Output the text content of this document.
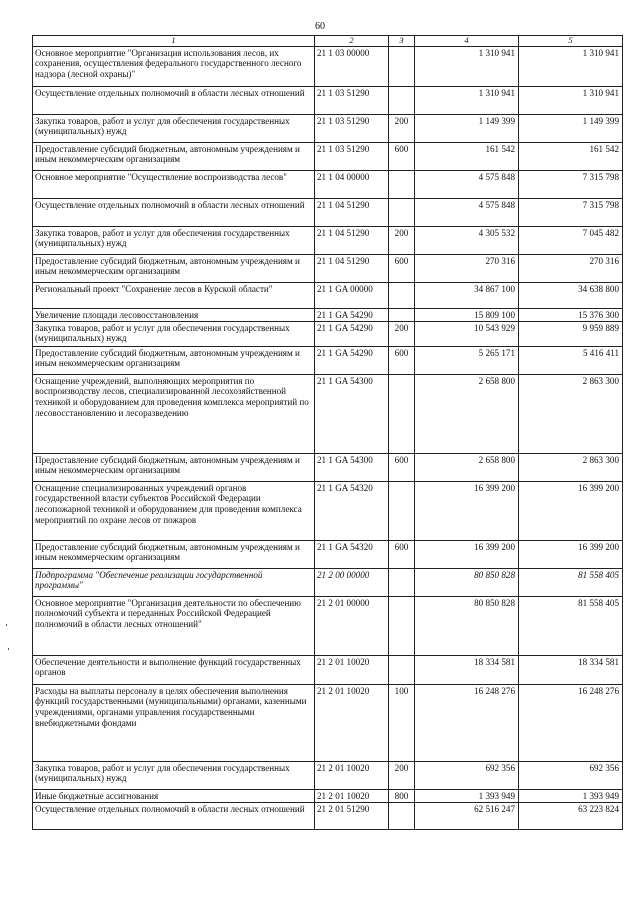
60
1	2	3	4	5
Основное мероприятие "Организация использования лесов, их сохранения, осуществления федерального государственного лесного надзора (лесной охраны)"	21 1 03 00000		1 310 941	1 310 941
Осуществление отдельных полномочий в области лесных отношений	21 1 03 51290		1 310 941	1 310 941
Закупка товаров, работ и услуг для обеспечения государственных (муниципальных) нужд	21 1 03 51290	200	1 149 399	1 149 399
Предоставление субсидий бюджетным, автономным учреждениям и иным некоммерческим организациям	21 1 03 51290	600	161 542	161 542
Основное мероприятие "Осуществление воспроизводства лесов"	21 1 04 00000		4 575 848	7 315 798
Осуществление отдельных полномочий в области лесных отношений	21 1 04 51290		4 575 848	7 315 798
Закупка товаров, работ и услуг для обеспечения государственных (муниципальных) нужд	21 1 04 51290	200	4 305 532	7 045 482
Предоставление субсидий бюджетным, автономным учреждениям и иным некоммерческим организациям	21 1 04 51290	600	270 316	270 316
Региональный проект "Сохранение лесов в Курской области"	21 1 GA 00000		34 867 100	34 638 800
Увеличение площади лесовосстановления	21 1 GA 54290		15 809 100	15 376 300
Закупка товаров, работ и услуг для обеспечения государственных (муниципальных) нужд	21 1 GA 54290	200	10 543 929	9 959 889
Предоставление субсидий бюджетным, автономным учреждениям и иным некоммерческим организациям	21 1 GA 54290	600	5 265 171	5 416 411
Оснащение учреждений, выполняющих мероприятия по воспроизводству лесов, специализированной лесохозяйственной техникой и оборудованием для проведения комплекса мероприятий по лесовосстановлению и лесоразведению	21 1 GA 54300		2 658 800	2 863 300
Предоставление субсидий бюджетным, автономным учреждениям и иным некоммерческим организациям	21 1 GA 54300	600	2 658 800	2 863 300
Оснащение специализированных учреждений органов государственной власти субъектов Российской Федерации лесопожарной техникой и оборудованием для проведения комплекса мероприятий по охране лесов от пожаров	21 1 GA 54320		16 399 200	16 399 200
Предоставление субсидий бюджетным, автономным учреждениям и иным некоммерческим организациям	21 1 GA 54320	600	16 399 200	16 399 200
Подпрограмма "Обеспечение реализации государственной программы"	21 2 00 00000		80 850 828	81 558 405
Основное мероприятие "Организация деятельности по обеспечению полномочий субъекта и переданных Российской Федерацией полномочий в области лесных отношений"	21 2 01 00000		80 850 828	81 558 405
Обеспечение деятельности и выполнение функций государственных органов	21 2 01 10020		18 334 581	18 334 581
Расходы на выплаты персоналу в целях обеспечения выполнения функций государственными (муниципальными) органами, казенными учреждениями, органами управления государственными внебюджетными фондами	21 2 01 10020	100	16 248 276	16 248 276
Закупка товаров, работ и услуг для обеспечения государственных (муниципальных) нужд	21 2 01 10020	200	692 356	692 356
Иные бюджетные ассигнования	21 2 01 10020	800	1 393 949	1 393 949
Осуществление отдельных полномочий в области лесных отношений	21 2 01 51290		62 516 247	63 223 824
